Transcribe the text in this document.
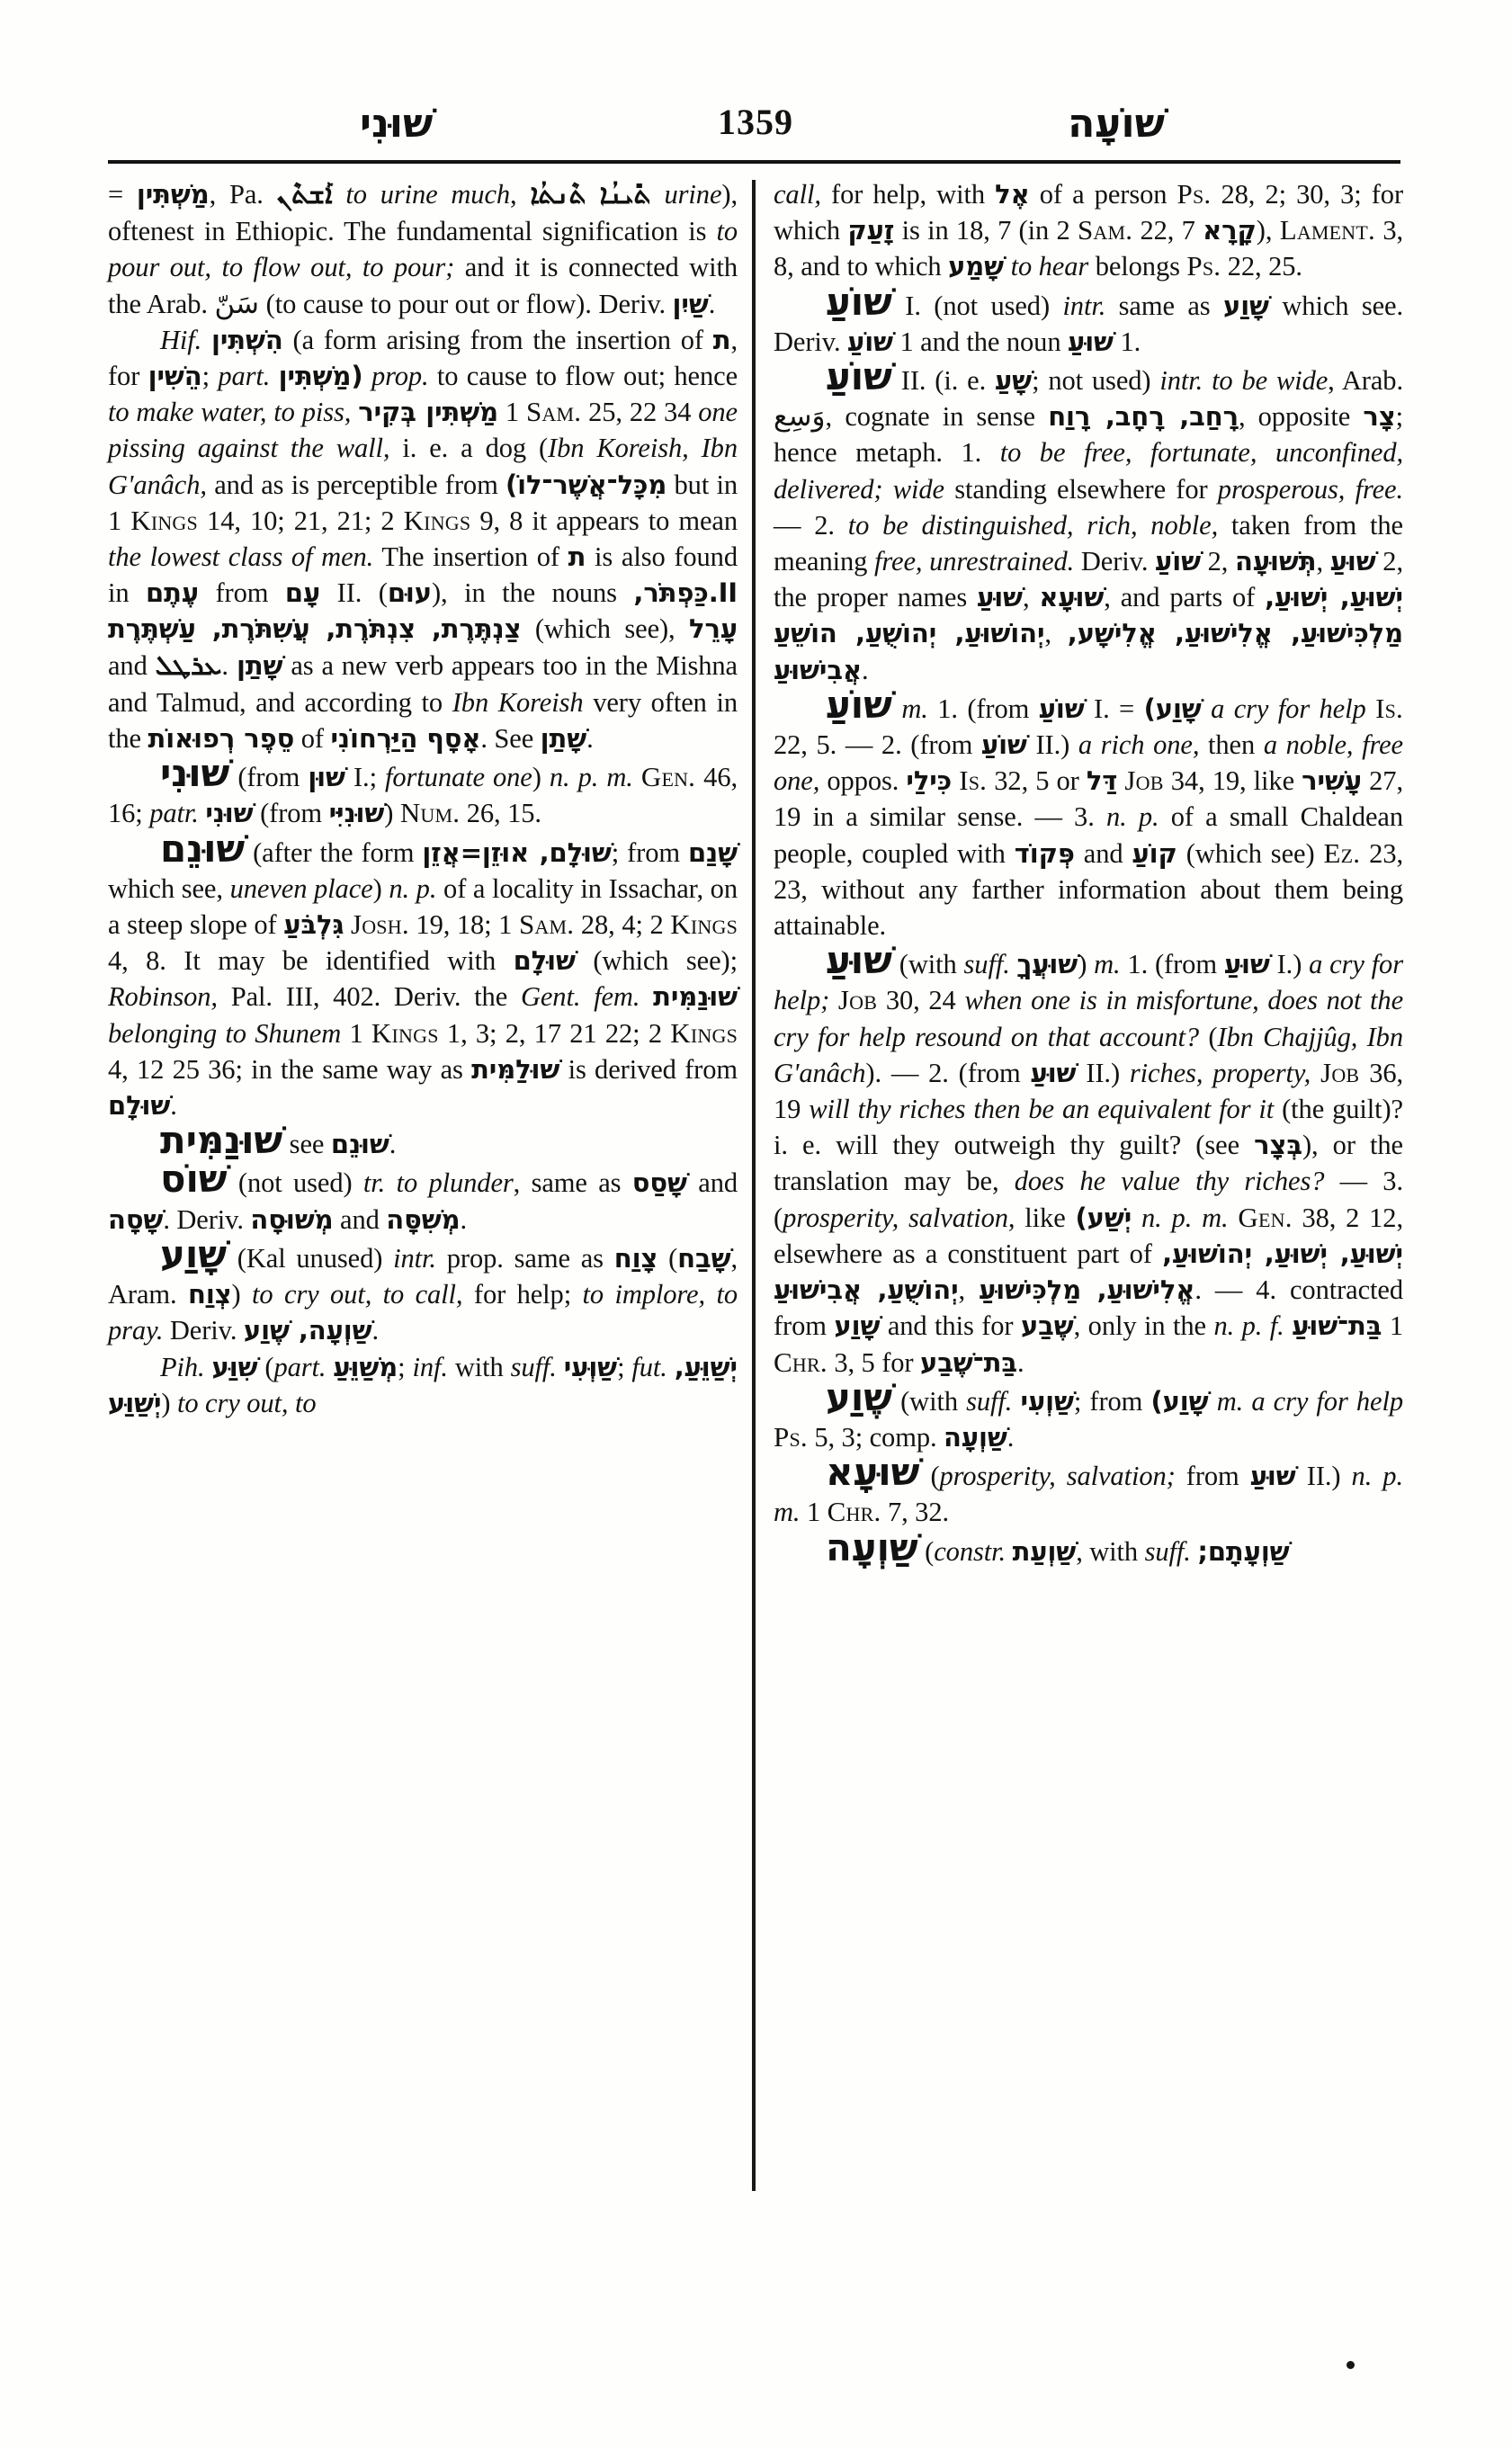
שׁוּנִי	1359	שׁוֹעָה

= מַשְׁתִּין, Pa. ܐܰܫܬܶܢ to urine much, ܬܶܢܬܳܐ ܬܺܝܢܳܐ urine), oftenest in Ethiopic. The fundamental signification is to pour out, to flow out, to pour; and it is connected with the Arab. سَنّ (to cause to pour out or flow). Deriv. שַׁיִן.

Hif. הִשְׁתִּין (a form arising from the insertion of ת, for הֵשִׁין; part. (מַשְׁתִּין prop. to cause to flow out; hence to make water, to piss, מַשְׁתִּין בְּקִיר 1 Sam. 25, 22 34 one pissing against the wall, i. e. a dog (Ibn Koreish, Ibn G'anâch, and as is perceptible from מִכָּל־אֲשֶׁר־לוֹ) but in 1 Kings 14, 10; 21, 21; 2 Kings 9, 8 it appears to mean the lowest class of men. The insertion of ת is also found in עֶתֶם from עָם II. (עוּם), in the nouns II.כַּפְתֹּר, צַנְתֶּרֶת, צִנְתֹּרֶת, עֲשִׁתֹּרֶת, עַשְׁתֶּרֶת (which see), עָרֵל and ܥܪܛܠ. שָׁתַן as a new verb appears too in the Mishna and Talmud, and according to Ibn Koreish very often in the סֵפֶר רְפוּאוֹת of אָסָף הַיַּרְחוֹנִי. See שָׁתַן.

שׁוּנִי (from שׁוּן I.; fortunate one) n. p. m. Gen. 46, 16; patr. שׁוּנִי (from שׁוּנִיִּי) Num. 26, 15.

שׁוּנֵם (after the form שׁוּלָם, אוּזֵן=אֲזֵן; from שָׁנַם which see, uneven place) n. p. of a locality in Issachar, on a steep slope of גִּלְבֹּעַ Josh. 19, 18; 1 Sam. 28, 4; 2 Kings 4, 8. It may be identified with שׁוּלָם (which see); Robinson, Pal. III, 402. Deriv. the Gent. fem. שׁוּנַמִּית belonging to Shunem 1 Kings 1, 3; 2, 17 21 22; 2 Kings 4, 12 25 36; in the same way as שׁוּלַמִּית is derived from שׁוּלָם.

שׁוּנַמִּית see שׁוּנֵם.

שׁוֹס (not used) tr. to plunder, same as שָׁסַס and שָׁסָה. Deriv. מְשׁוּסָה and מְשִׁסָּה.

שָׁוַע (Kal unused) intr. prop. same as צָוַח (שָׁבַח, Aram. צְוַח) to cry out, to call, for help; to implore, to pray. Deriv. שַׁוְעָה, שֶׁוַע.

Pih. שִׁוַּע (part. מְשַׁוֵּעַ; inf. with suff. שַׁוְּעִי; fut. יְשַׁוֵּעַ, יְשַׁוַּע) to cry out, to

call, for help, with אֶל of a person Ps. 28, 2; 30, 3; for which זָעַק is in 18, 7 (in 2 Sam. 22, 7 קָרָא), Lament. 3, 8, and to which שָׁמַע to hear belongs Ps. 22, 25.

שׁוֹעַ I. (not used) intr. same as שָׁוַע which see. Deriv. שׁוֹעַ 1 and the noun שׁוּעַ 1.

שׁוֹעַ II. (i. e. שָׁעַ; not used) intr. to be wide, Arab. وَسِع, cognate in sense רָחַב, רָחָב, רָוַח, opposite צָר; hence metaph. 1. to be free, fortunate, unconfined, delivered; wide standing elsewhere for prosperous, free. — 2. to be distinguished, rich, noble, taken from the meaning free, unrestrained. Deriv. שׁוֹעַ 2, תְּשׁוּעָה, שׁוּעַ 2, the proper names שׁוּעַ, שׁוּעָא, and parts of יְשׁוּעַ, יְשׁוּעַ, יְהוֹשׁוּעַ, יְהוֹשֻׁעַ, הוֹשֵׁעַ, מַלְכִּישׁוּעַ, אֱלִישׁוּעַ, אֱלִישָׁע, אֲבִישׁוּעַ.

שׁוֹעַ m. 1. (from שׁוֹעַ I. = שָׁוַע) a cry for help Is. 22, 5. — 2. (from שׁוֹעַ II.) a rich one, then a noble, free one, oppos. כִּילַי Is. 32, 5 or דַּל Job 34, 19, like עָשִׁיר 27, 19 in a similar sense. — 3. n. p. of a small Chaldean people, coupled with פְּקוֹד and קוֹעַ (which see) Ez. 23, 23, without any farther information about them being attainable.

שׁוּעַ (with suff. שׁוּעֲךָ) m. 1. (from שׁוּעַ I.) a cry for help; Job 30, 24 when one is in misfortune, does not the cry for help resound on that account? (Ibn Chajjûg, Ibn G'anâch). — 2. (from שׁוּעַ II.) riches, property, Job 36, 19 will thy riches then be an equivalent for it (the guilt)? i. e. will they outweigh thy guilt? (see בְּצָר), or the translation may be, does he value thy riches? — 3. (prosperity, salvation, like יְשַׁע) n. p. m. Gen. 38, 2 12, elsewhere as a constituent part of יְשׁוּעַ, יְשׁוּעַ, יְהוֹשׁוּעַ, יְהוֹשֻׁעַ, אֲבִישׁוּעַ, אֱלִישׁוּעַ, מַלְכִּישׁוּעַ. — 4. contracted from שָׁוַע and this for שֶׁבַע, only in the n. p. f. בַּת־שׁוּעַ 1 Chr. 3, 5 for בַּת־שֶׁבַע.

שֶׁוַע (with suff. שַׁוְעִי; from שָׁוַע) m. a cry for help Ps. 5, 3; comp. שַׁוְעָה.

שׁוּעָא (prosperity, salvation; from שׁוּעַ II.) n. p. m. 1 Chr. 7, 32.

שַׁוְעָה (constr. שַׁוְעַת, with suff. שַׁוְעָתָם;
